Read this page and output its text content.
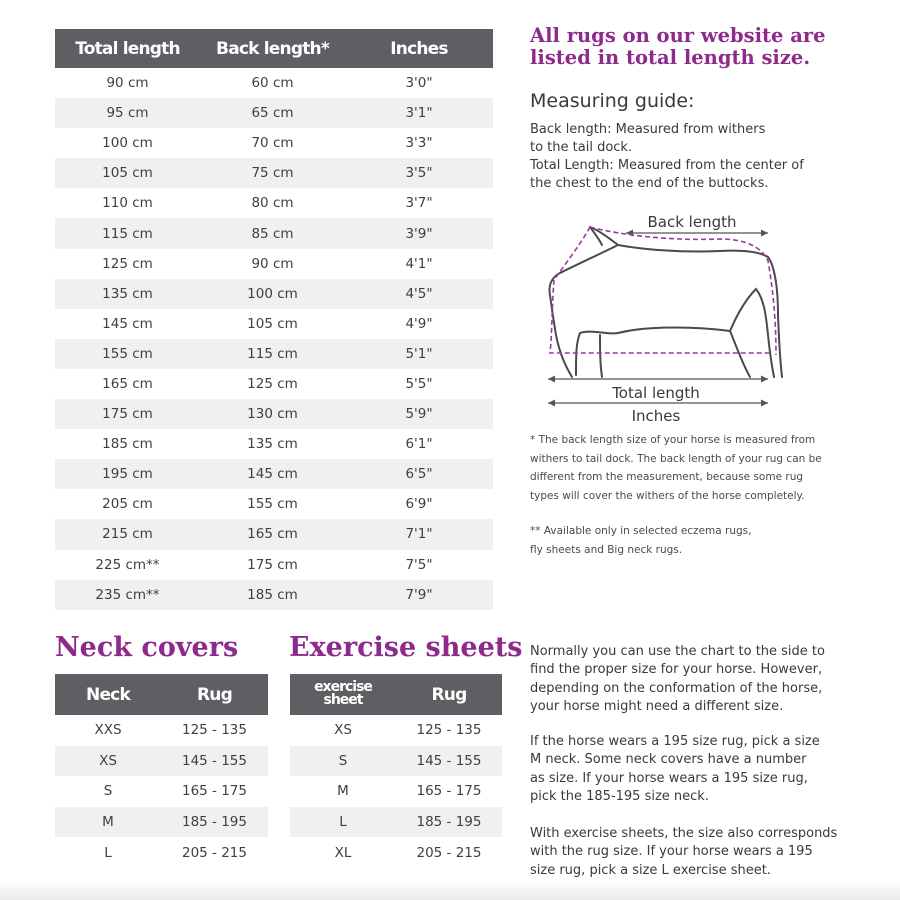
Total length	Back length*	Inches
90 cm	60 cm	3'0"
95 cm	65 cm	3'1"
100 cm	70 cm	3'3"
105 cm	75 cm	3'5"
110 cm	80 cm	3'7"
115 cm	85 cm	3'9"
125 cm	90 cm	4'1"
135 cm	100 cm	4'5"
145 cm	105 cm	4'9"
155 cm	115 cm	5'1"
165 cm	125 cm	5'5"
175 cm	130 cm	5'9"
185 cm	135 cm	6'1"
195 cm	145 cm	6'5"
205 cm	155 cm	6'9"
215 cm	165 cm	7'1"
225 cm**	175 cm	7'5"
235 cm**	185 cm	7'9"
All rugs on our website are
listed in total length size.
Measuring guide:
Back length: Measured from withers
to the tail dock.
Total Length: Measured from the center of
the chest to the end of the buttocks.
Back length
Total length
Inches
* The back length size of your horse is measured from
withers to tail dock. The back length of your rug can be
different from the measurement, because some rug
types will cover the withers of the horse completely.
** Available only in selected eczema rugs,
fly sheets and Big neck rugs.
Neck covers
Neck	Rug
XXS	125 - 135
XS	145 - 155
S	165 - 175
M	185 - 195
L	205 - 215
Exercise sheets
exercise
sheet	Rug
XS	125 - 135
S	145 - 155
M	165 - 175
L	185 - 195
XL	205 - 215
Normally you can use the chart to the side to
find the proper size for your horse. However,
depending on the conformation of the horse,
your horse might need a different size.
If the horse wears a 195 size rug, pick a size
M neck. Some neck covers have a number
as size. If your horse wears a 195 size rug,
pick the 185-195 size neck.
With exercise sheets, the size also corresponds
with the rug size. If your horse wears a 195
size rug, pick a size L exercise sheet.
